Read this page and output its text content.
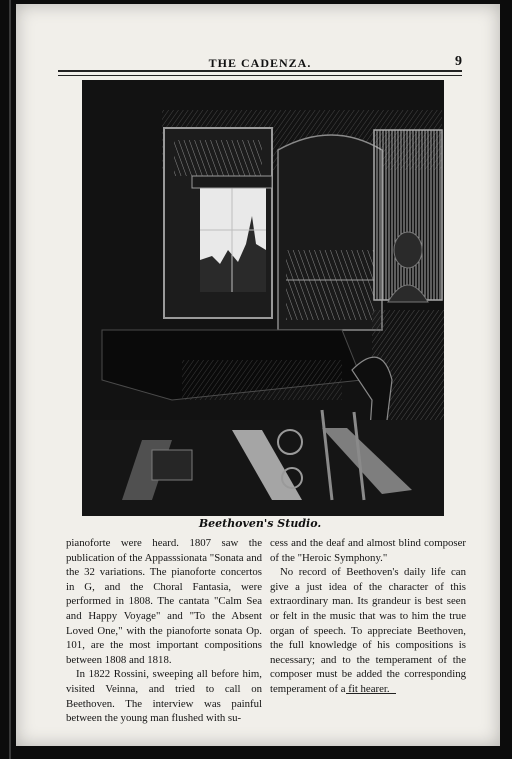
THE CADENZA.	9
Beethoven's Studio.

pianoforte were heard. 1807 saw the publication of the Appasssionata "Sonata and the 32 variations. The pianoforte concertos in G, and the Choral Fantasia, were performed in 1808. The cantata "Calm Sea and Happy Voyage" and "To the Absent Loved One," with the pianoforte sonata Op. 101, are the most important compositions between 1808 and 1818.

In 1822 Rossini, sweeping all before him, visited Veinna, and tried to call on Beethoven. The interview was painful between the young man flushed with su-

cess and the deaf and almost blind composer of the "Heroic Symphony."

No record of Beethoven's daily life can give a just idea of the character of this extraordinary man. Its grandeur is best seen or felt in the music that was to him the true organ of speech. To appreciate Beethoven, the full knowledge of his compositions is necessary; and to the temperament of the composer must be added the corresponding temperament of a fit hearer.
